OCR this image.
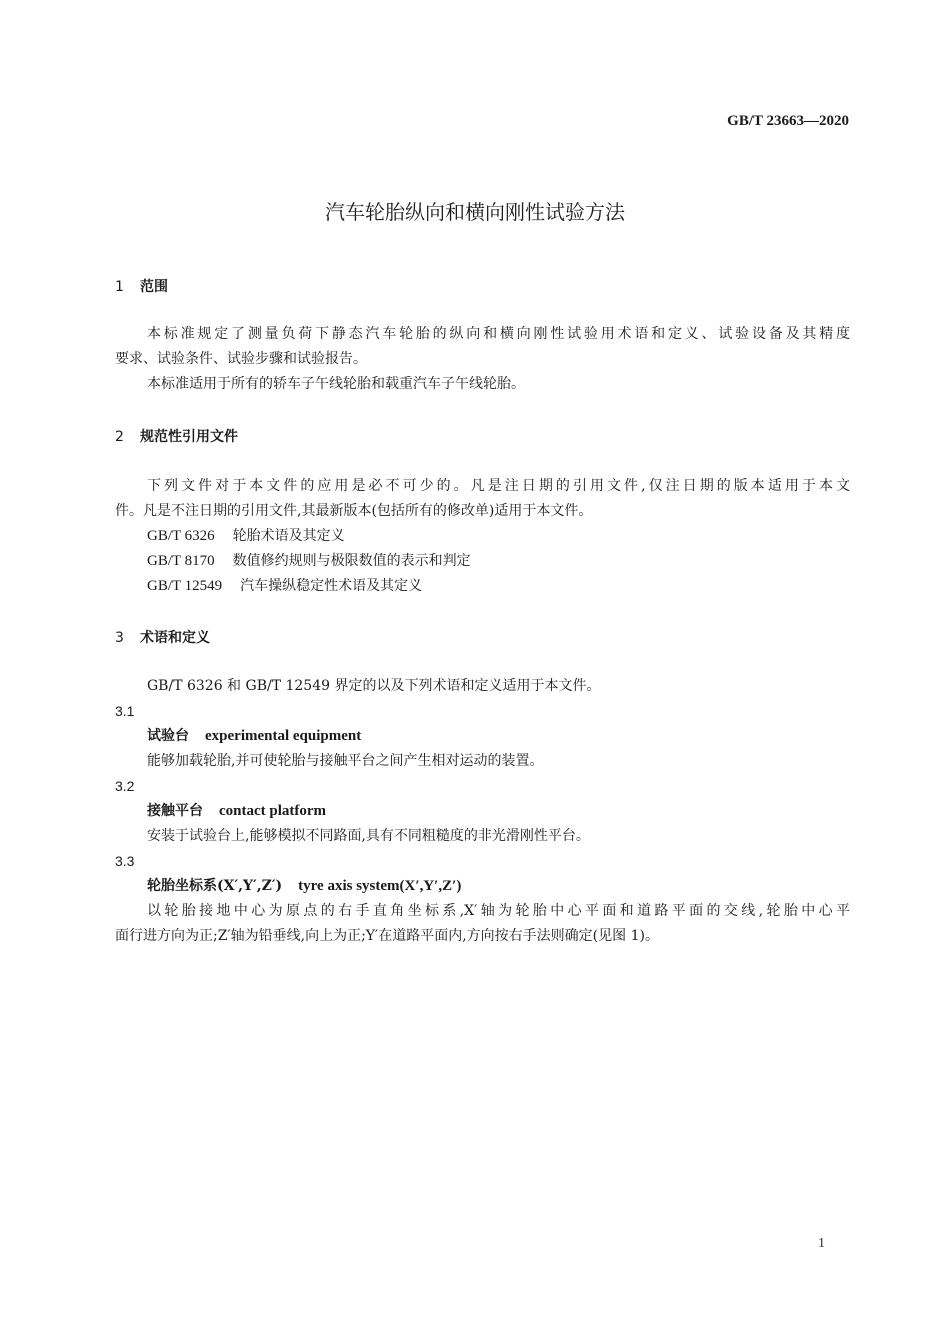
GB/T 23663—2020
汽车轮胎纵向和横向刚性试验方法
1 范围
本标准规定了测量负荷下静态汽车轮胎的纵向和横向刚性试验用术语和定义、试验设备及其精度
要求、试验条件、试验步骤和试验报告。
本标准适用于所有的轿车子午线轮胎和载重汽车子午线轮胎。
2 规范性引用文件
下列文件对于本文件的应用是必不可少的。凡是注日期的引用文件,仅注日期的版本适用于本文
件。凡是不注日期的引用文件,其最新版本(包括所有的修改单)适用于本文件。
GB/T 6326 轮胎术语及其定义
GB/T 8170 数值修约规则与极限数值的表示和判定
GB/T 12549 汽车操纵稳定性术语及其定义
3 术语和定义
GB/T 6326 和 GB/T 12549 界定的以及下列术语和定义适用于本文件。
3.1
试验台 experimental equipment
能够加载轮胎,并可使轮胎与接触平台之间产生相对运动的装置。
3.2
接触平台 contact platform
安装于试验台上,能够模拟不同路面,具有不同粗糙度的非光滑刚性平台。
3.3
轮胎坐标系(X′,Y′,Z′) tyre axis system(X′,Y′,Z′)
以轮胎接地中心为原点的右手直角坐标系,X′轴为轮胎中心平面和道路平面的交线,轮胎中心平
面行进方向为正;Z′轴为铅垂线,向上为正;Y′在道路平面内,方向按右手法则确定(见图 1)。
1
